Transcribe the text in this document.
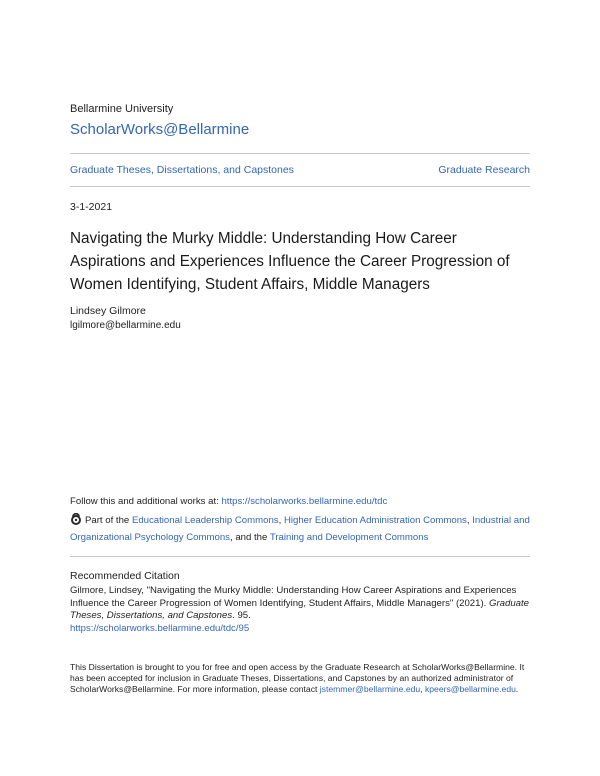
Bellarmine University
ScholarWorks@Bellarmine
Graduate Theses, Dissertations, and Capstones	Graduate Research
3-1-2021
Navigating the Murky Middle: Understanding How Career Aspirations and Experiences Influence the Career Progression of Women Identifying, Student Affairs, Middle Managers
Lindsey Gilmore
lgilmore@bellarmine.edu
Follow this and additional works at: https://scholarworks.bellarmine.edu/tdc
Part of the Educational Leadership Commons, Higher Education Administration Commons, Industrial and Organizational Psychology Commons, and the Training and Development Commons
Recommended Citation
Gilmore, Lindsey, "Navigating the Murky Middle: Understanding How Career Aspirations and Experiences Influence the Career Progression of Women Identifying, Student Affairs, Middle Managers" (2021). Graduate Theses, Dissertations, and Capstones. 95.
https://scholarworks.bellarmine.edu/tdc/95
This Dissertation is brought to you for free and open access by the Graduate Research at ScholarWorks@Bellarmine. It has been accepted for inclusion in Graduate Theses, Dissertations, and Capstones by an authorized administrator of ScholarWorks@Bellarmine. For more information, please contact jstemmer@bellarmine.edu, kpeers@bellarmine.edu.
